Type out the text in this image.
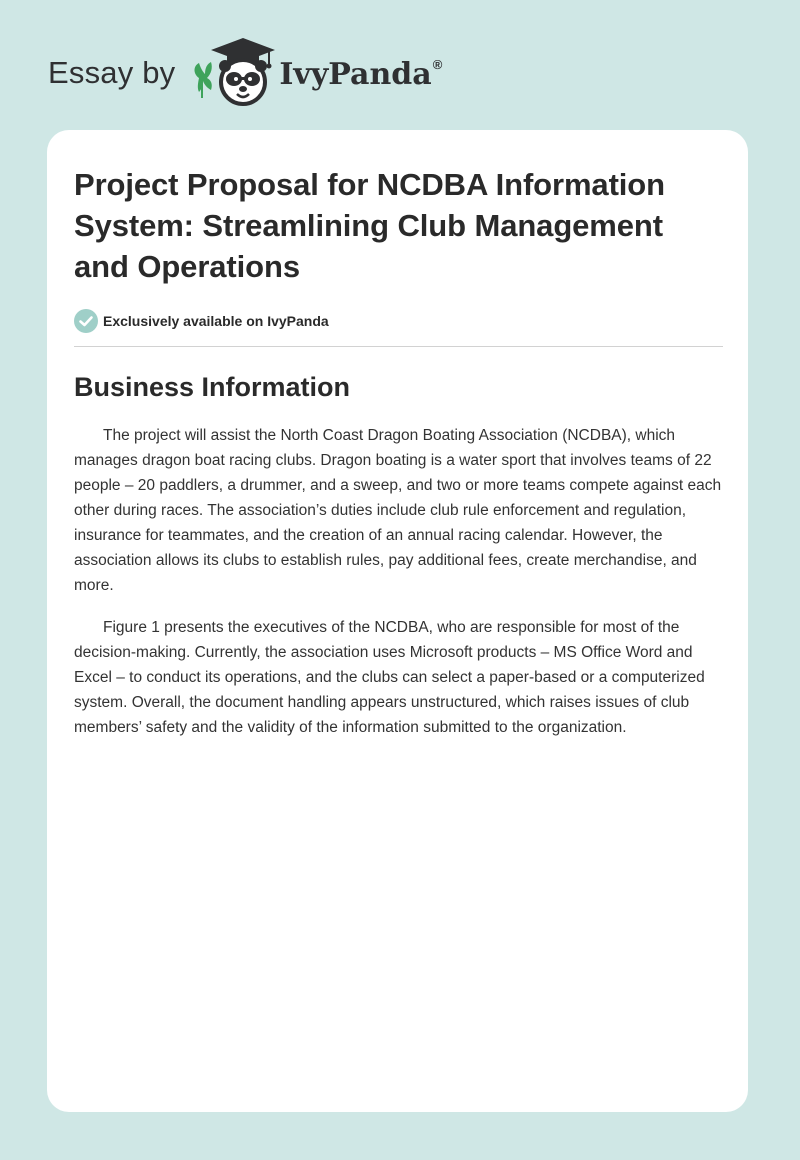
Essay by	IvyPanda®
Project Proposal for NCDBA Information System: Streamlining Club Management and Operations
Exclusively available on IvyPanda
Business Information

The project will assist the North Coast Dragon Boating Association (NCDBA), which manages dragon boat racing clubs. Dragon boating is a water sport that involves teams of 22 people – 20 paddlers, a drummer, and a sweep, and two or more teams compete against each other during races. The association’s duties include club rule enforcement and regulation, insurance for teammates, and the creation of an annual racing calendar. However, the association allows its clubs to establish rules, pay additional fees, create merchandise, and more.

Figure 1 presents the executives of the NCDBA, who are responsible for most of the decision-making. Currently, the association uses Microsoft products – MS Office Word and Excel – to conduct its operations, and the clubs can select a paper-based or a computerized system. Overall, the document handling appears unstructured, which raises issues of club members’ safety and the validity of the information submitted to the organization.
